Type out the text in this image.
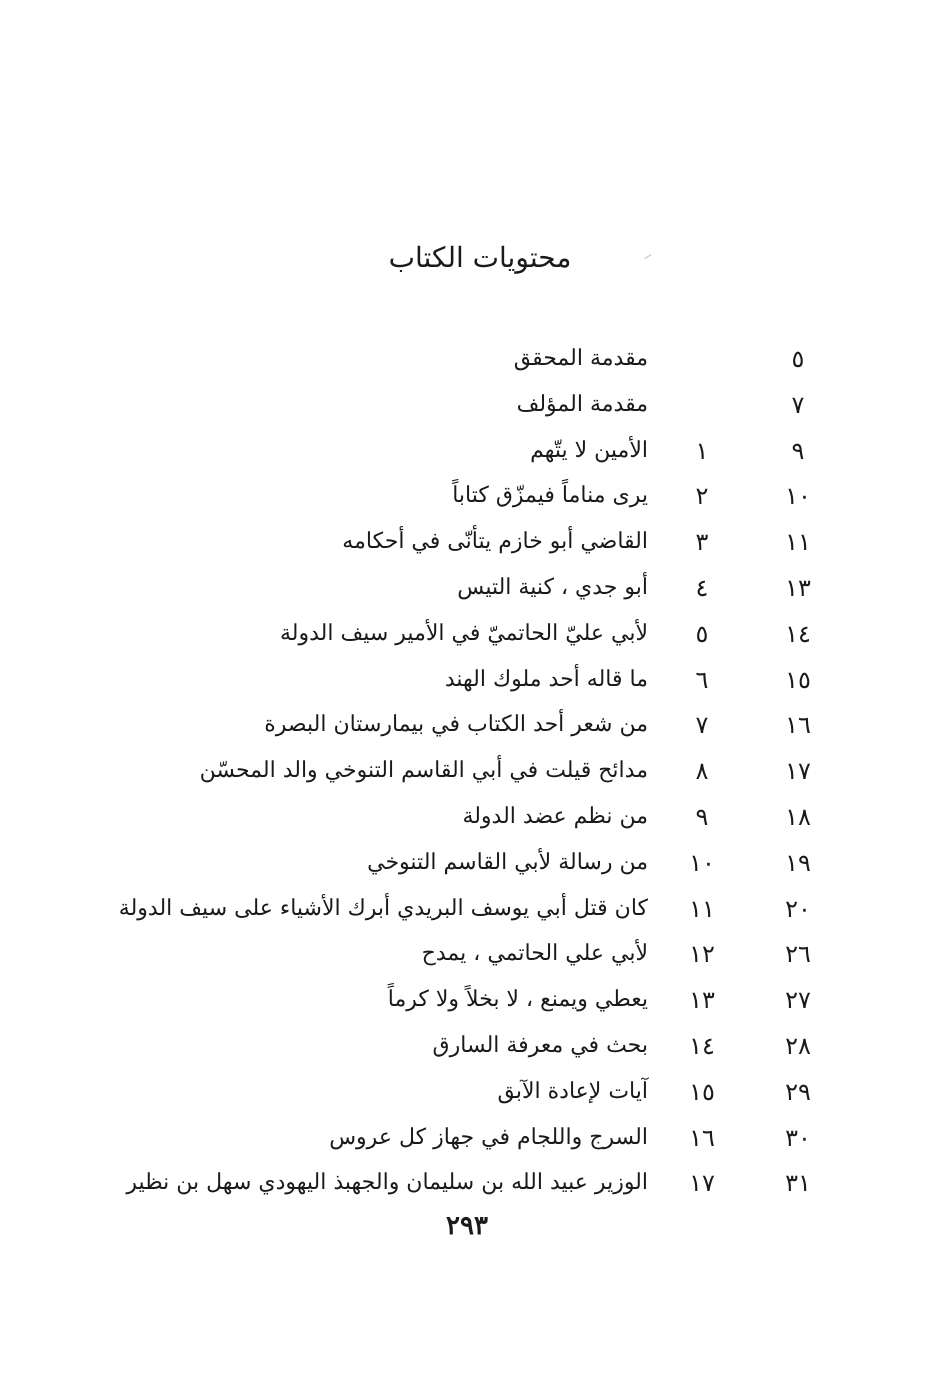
محتويات الكتاب
٥
مقدمة المحقق
٧
مقدمة المؤلف
٩
١
الأمين لا يتّهم
١٠
٢
يرى مناماً فيمزّق كتاباً
١١
٣
القاضي أبو خازم يتأنّى في أحكامه
١٣
٤
أبو جدي ، كنية التيس
١٤
٥
لأبي عليّ الحاتميّ في الأمير سيف الدولة
١٥
٦
ما قاله أحد ملوك الهند
١٦
٧
من شعر أحد الكتاب في بيمارستان البصرة
١٧
٨
مدائح قيلت في أبي القاسم التنوخي والد المحسّن
١٨
٩
من نظم عضد الدولة
١٩
١٠
من رسالة لأبي القاسم التنوخي
٢٠
١١
كان قتل أبي يوسف البريدي أبرك الأشياء على سيف الدولة
٢٦
١٢
لأبي علي الحاتمي ، يمدح
٢٧
١٣
يعطي ويمنع ، لا بخلاً ولا كرماً
٢٨
١٤
بحث في معرفة السارق
٢٩
١٥
آيات لإعادة الآبق
٣٠
١٦
السرج واللجام في جهاز كل عروس
٣١
١٧
الوزير عبيد الله بن سليمان والجهبذ اليهودي سهل بن نظير
٢٩٣
